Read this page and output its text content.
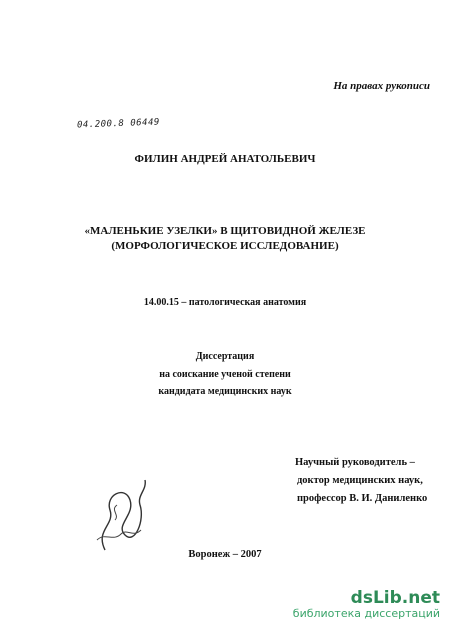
На правах рукописи
04.200.8 06449
ФИЛИН АНДРЕЙ АНАТОЛЬЕВИЧ
«МАЛЕНЬКИЕ УЗЕЛКИ» В ЩИТОВИДНОЙ ЖЕЛЕЗЕ
(МОРФОЛОГИЧЕСКОЕ ИССЛЕДОВАНИЕ)
14.00.15 – патологическая анатомия
Диссертация
на соискание ученой степени
кандидата медицинских наук
Научный руководитель –
доктор медицинских наук,
профессор В. И. Даниленко
Воронеж – 2007
dsLib.net
библиотека диссертаций
